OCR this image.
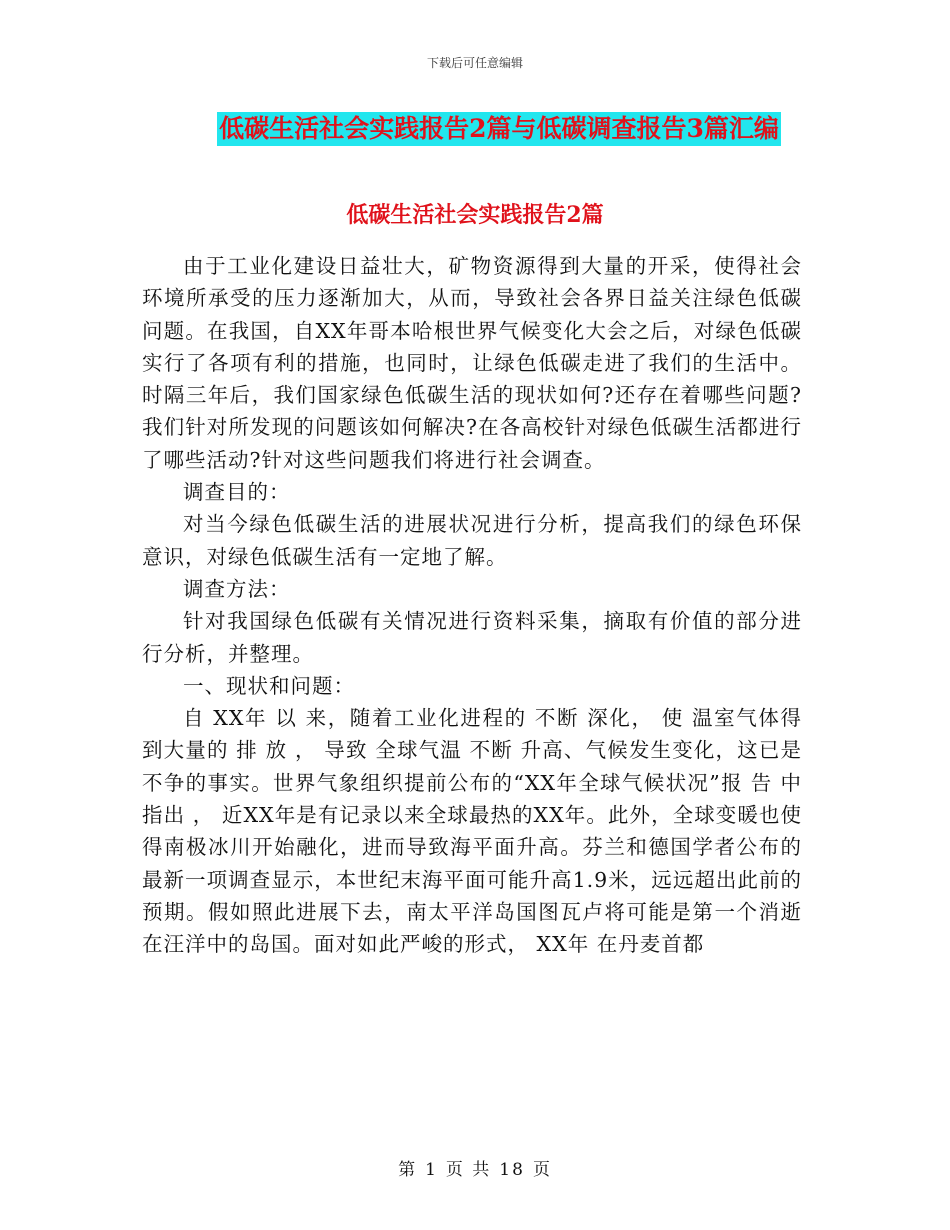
下载后可任意编辑
低碳生活社会实践报告2篇与低碳调查报告3篇汇编
低碳生活社会实践报告2篇

由于工业化建设日益壮大，矿物资源得到大量的开采，使得社会环境所承受的压力逐渐加大，从而，导致社会各界日益关注绿色低碳问题。在我国，自XX年哥本哈根世界气候变化大会之后，对绿色低碳实行了各项有利的措施，也同时，让绿色低碳走进了我们的生活中。时隔三年后，我们国家绿色低碳生活的现状如何?还存在着哪些问题?我们针对所发现的问题该如何解决?在各高校针对绿色低碳生活都进行了哪些活动?针对这些问题我们将进行社会调查。

调查目的：

对当今绿色低碳生活的进展状况进行分析，提高我们的绿色环保意识，对绿色低碳生活有一定地了解。

调查方法：

针对我国绿色低碳有关情况进行资料采集，摘取有价值的部分进行分析，并整理。

一、现状和问题：

自 XX年 以 来，随着工业化进程的 不断 深化， 使 温室气体得到大量的 排 放 ， 导致 全球气温 不断 升高、气候发生变化，这已是不争的事实。世界气象组织提前公布的“XX年全球气候状况”报 告 中 指出 ， 近XX年是有记录以来全球最热的XX年。此外，全球变暖也使得南极冰川开始融化，进而导致海平面升高。芬兰和德国学者公布的最新一项调查显示，本世纪末海平面可能升高1.9米，远远超出此前的预期。假如照此进展下去，南太平洋岛国图瓦卢将可能是第一个消逝在汪洋中的岛国。面对如此严峻的形式， XX年 在丹麦首都

第 1 页 共 18 页
